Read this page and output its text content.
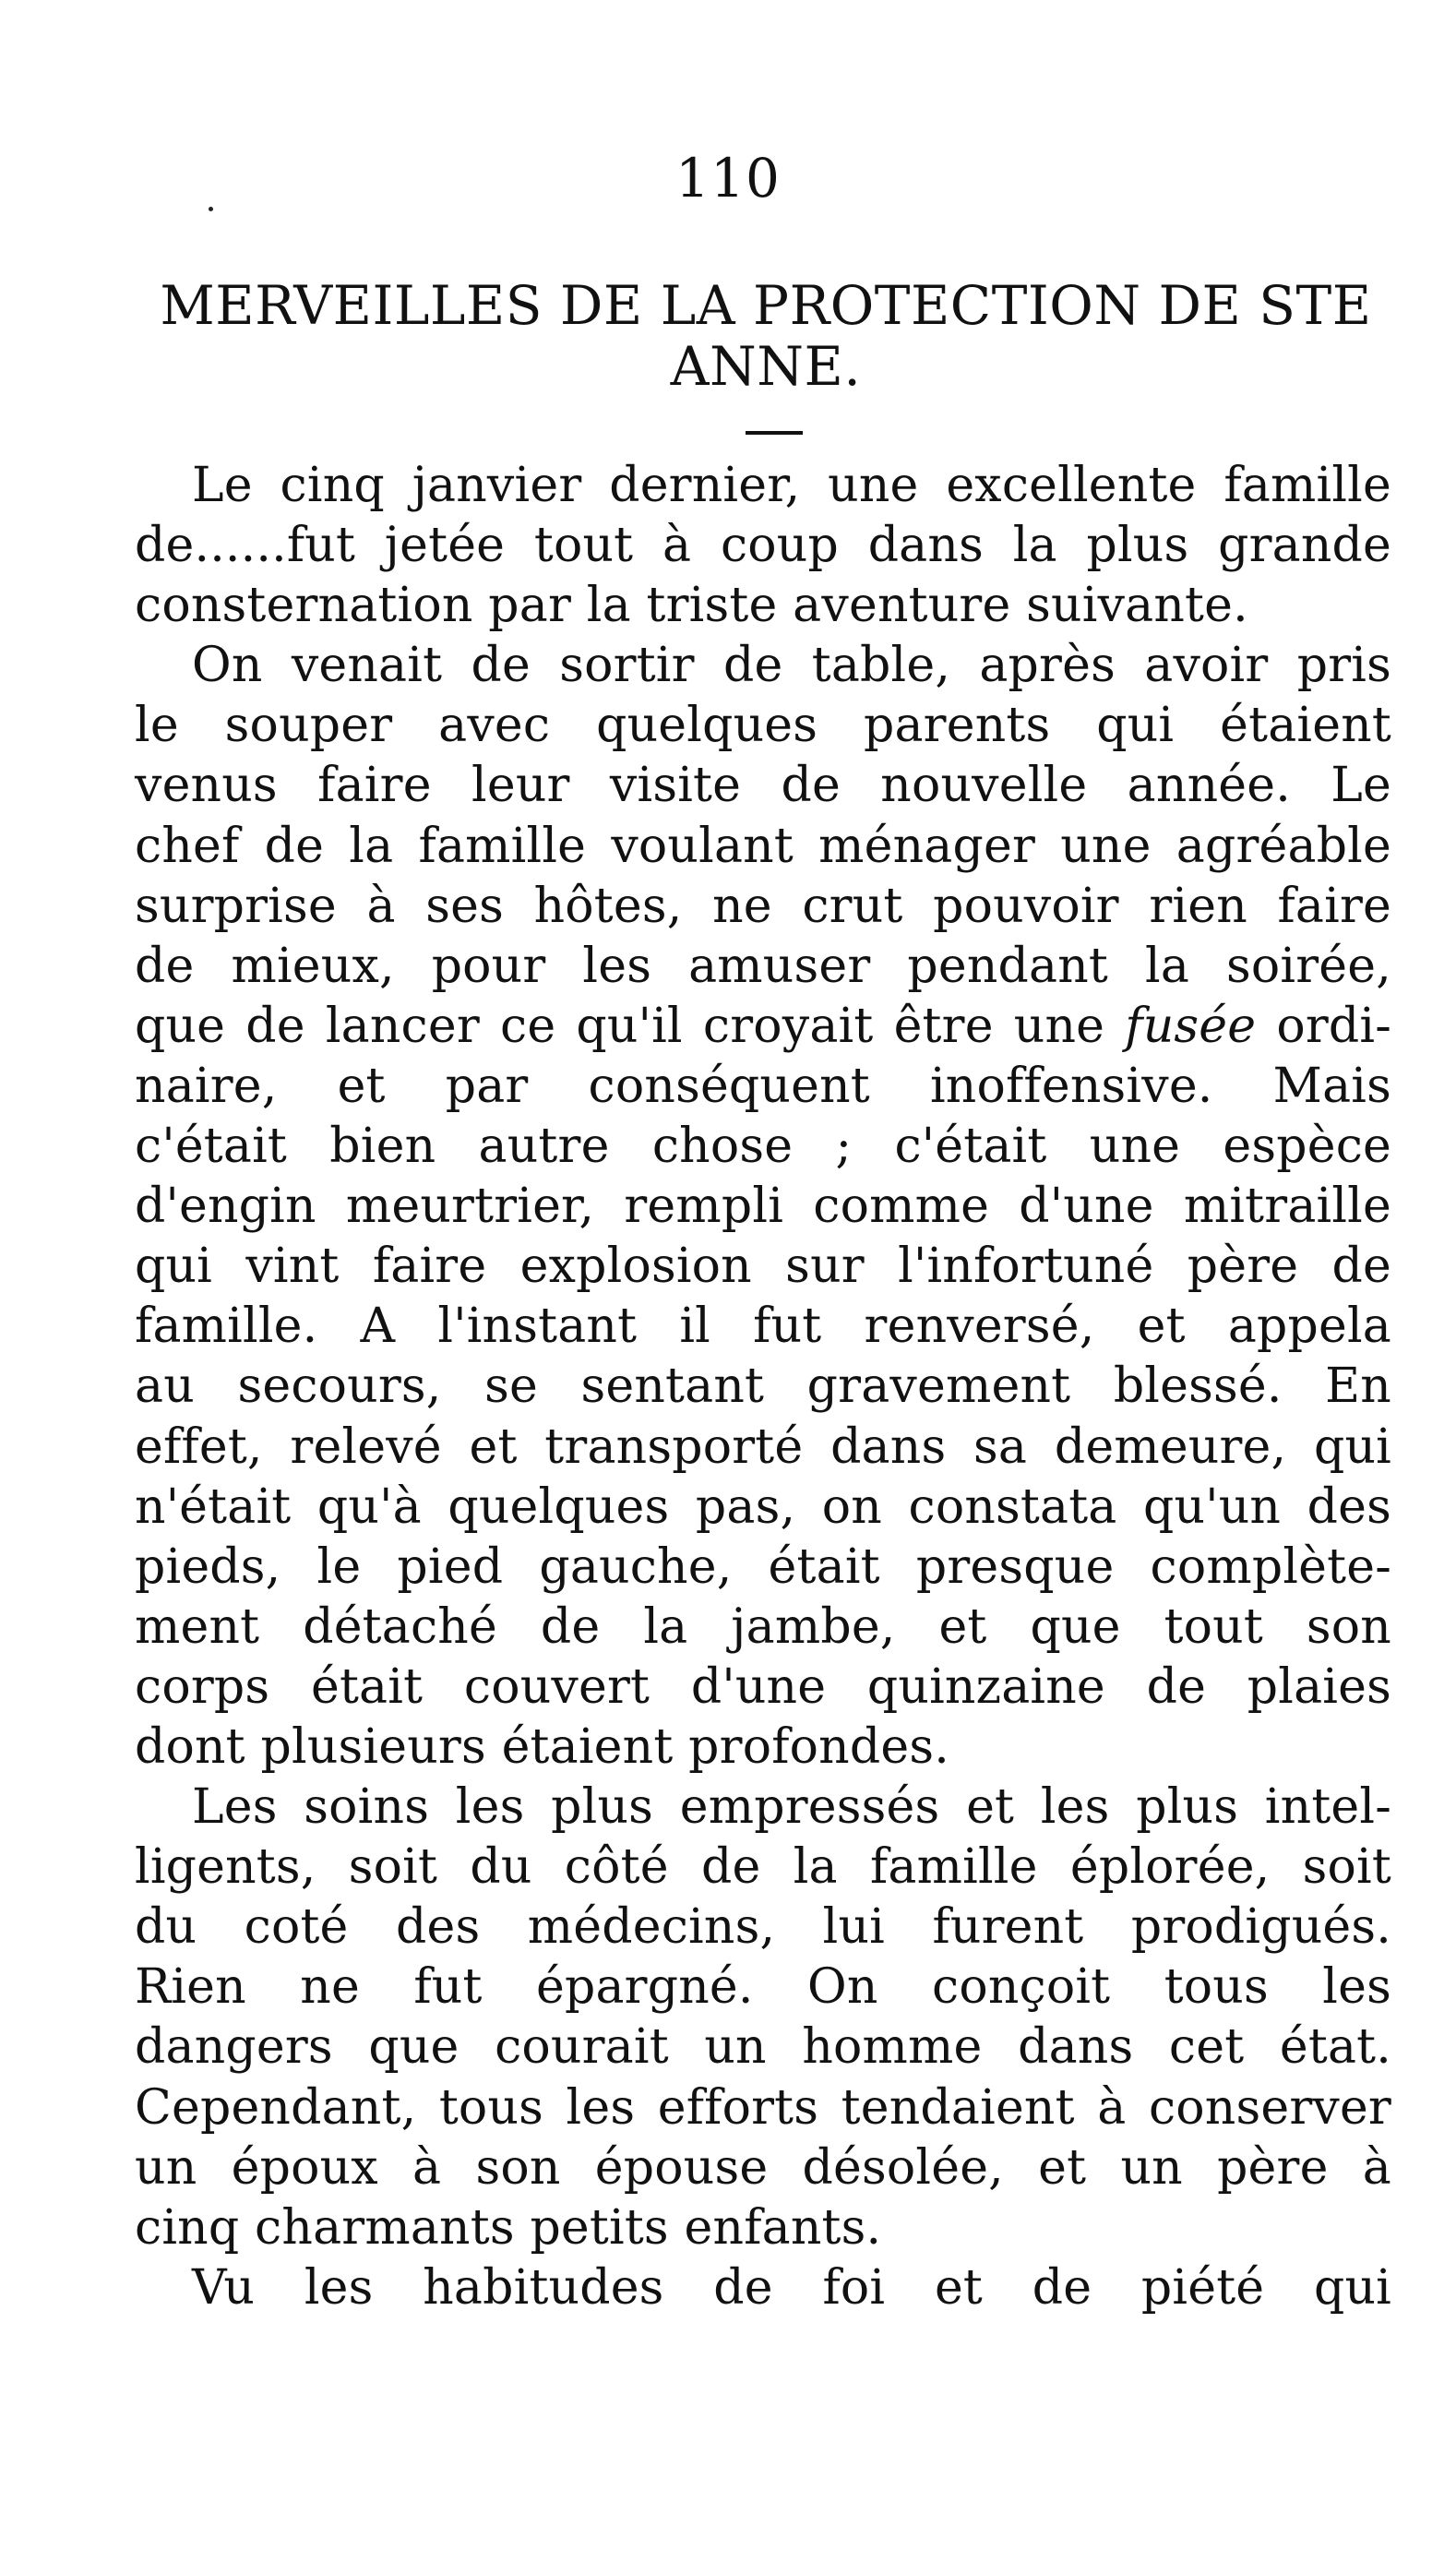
110
MERVEILLES DE LA PROTECTION DE STE ANNE.
Le cinq janvier dernier, une excellente famille
de......fut jetée tout à coup dans la plus grande
consternation par la triste aventure suivante.
On venait de sortir de table, après avoir pris
le souper avec quelques parents qui étaient
venus faire leur visite de nouvelle année. Le
chef de la famille voulant ménager une agréable
surprise à ses hôtes, ne crut pouvoir rien faire
de mieux, pour les amuser pendant la soirée,
que de lancer ce qu'il croyait être une fusée ordi-
naire, et par conséquent inoffensive. Mais
c'était bien autre chose ; c'était une espèce
d'engin meurtrier, rempli comme d'une mitraille
qui vint faire explosion sur l'infortuné père de
famille. A l'instant il fut renversé, et appela
au secours, se sentant gravement blessé. En
effet, relevé et transporté dans sa demeure, qui
n'était qu'à quelques pas, on constata qu'un des
pieds, le pied gauche, était presque complète-
ment détaché de la jambe, et que tout son
corps était couvert d'une quinzaine de plaies
dont plusieurs étaient profondes.
Les soins les plus empressés et les plus intel-
ligents, soit du côté de la famille éplorée, soit
du coté des médecins, lui furent prodigués.
Rien ne fut épargné. On conçoit tous les
dangers que courait un homme dans cet état.
Cependant, tous les efforts tendaient à conserver
un époux à son épouse désolée, et un père à
cinq charmants petits enfants.
Vu les habitudes de foi et de piété qui
